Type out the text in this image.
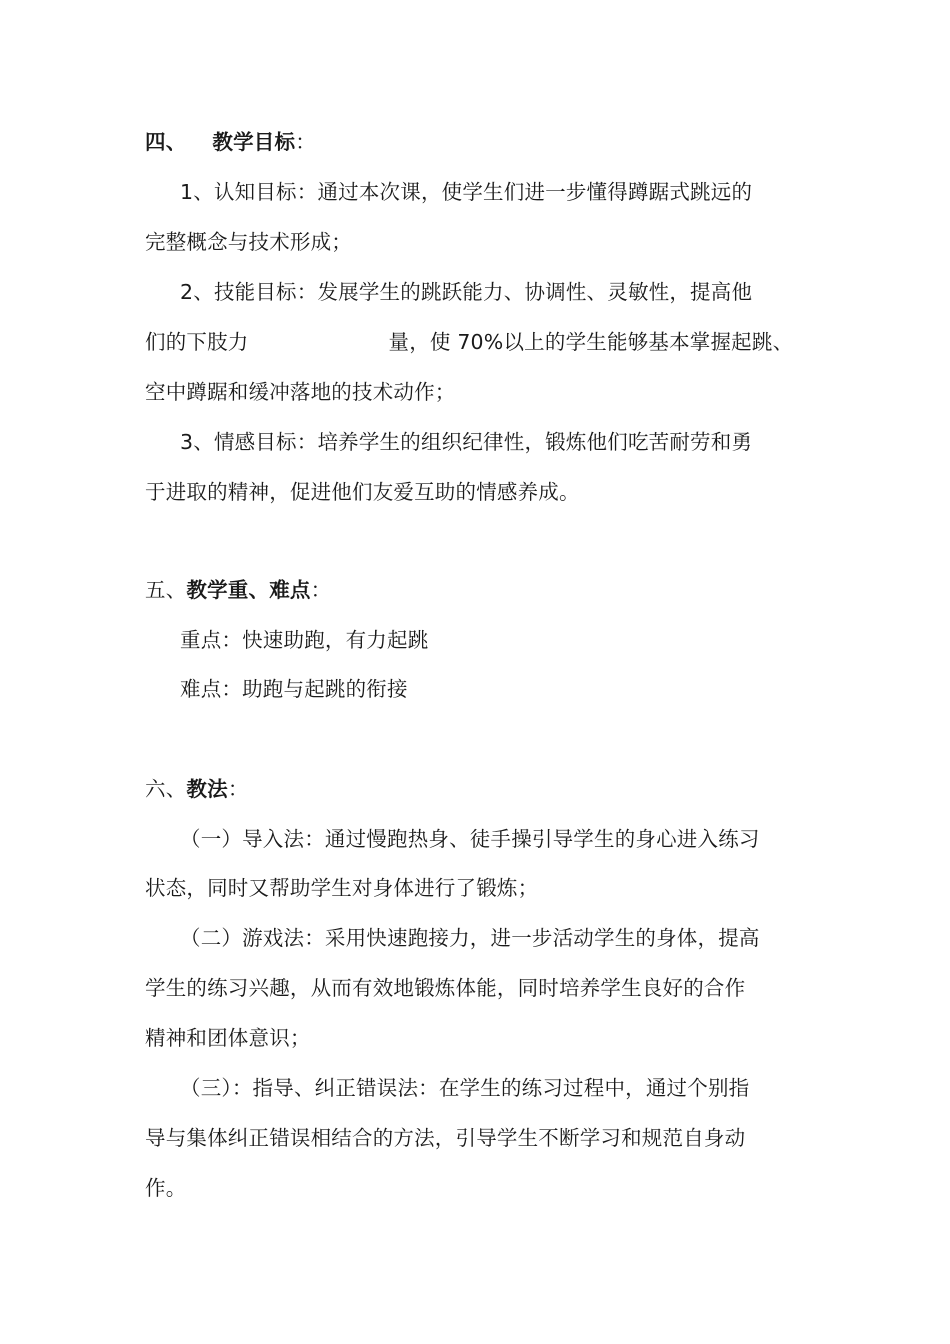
四、 教学目标：
1、认知目标：通过本次课，使学生们进一步懂得蹲踞式跳远的
完整概念与技术形成；
2、技能目标：发展学生的跳跃能力、协调性、灵敏性，提高他
们的下肢力	量，使 70%以上的学生能够基本掌握起跳、
空中蹲踞和缓冲落地的技术动作；
3、情感目标：培养学生的组织纪律性，锻炼他们吃苦耐劳和勇
于进取的精神，促进他们友爱互助的情感养成。
五、教学重、难点：
重点：快速助跑，有力起跳
难点：助跑与起跳的衔接
六、教法：
（一）导入法：通过慢跑热身、徒手操引导学生的身心进入练习
状态，同时又帮助学生对身体进行了锻炼；
（二）游戏法：采用快速跑接力，进一步活动学生的身体，提高
学生的练习兴趣，从而有效地锻炼体能，同时培养学生良好的合作
精神和团体意识；
（三）：指导、纠正错误法：在学生的练习过程中，通过个别指
导与集体纠正错误相结合的方法，引导学生不断学习和规范自身动
作。
